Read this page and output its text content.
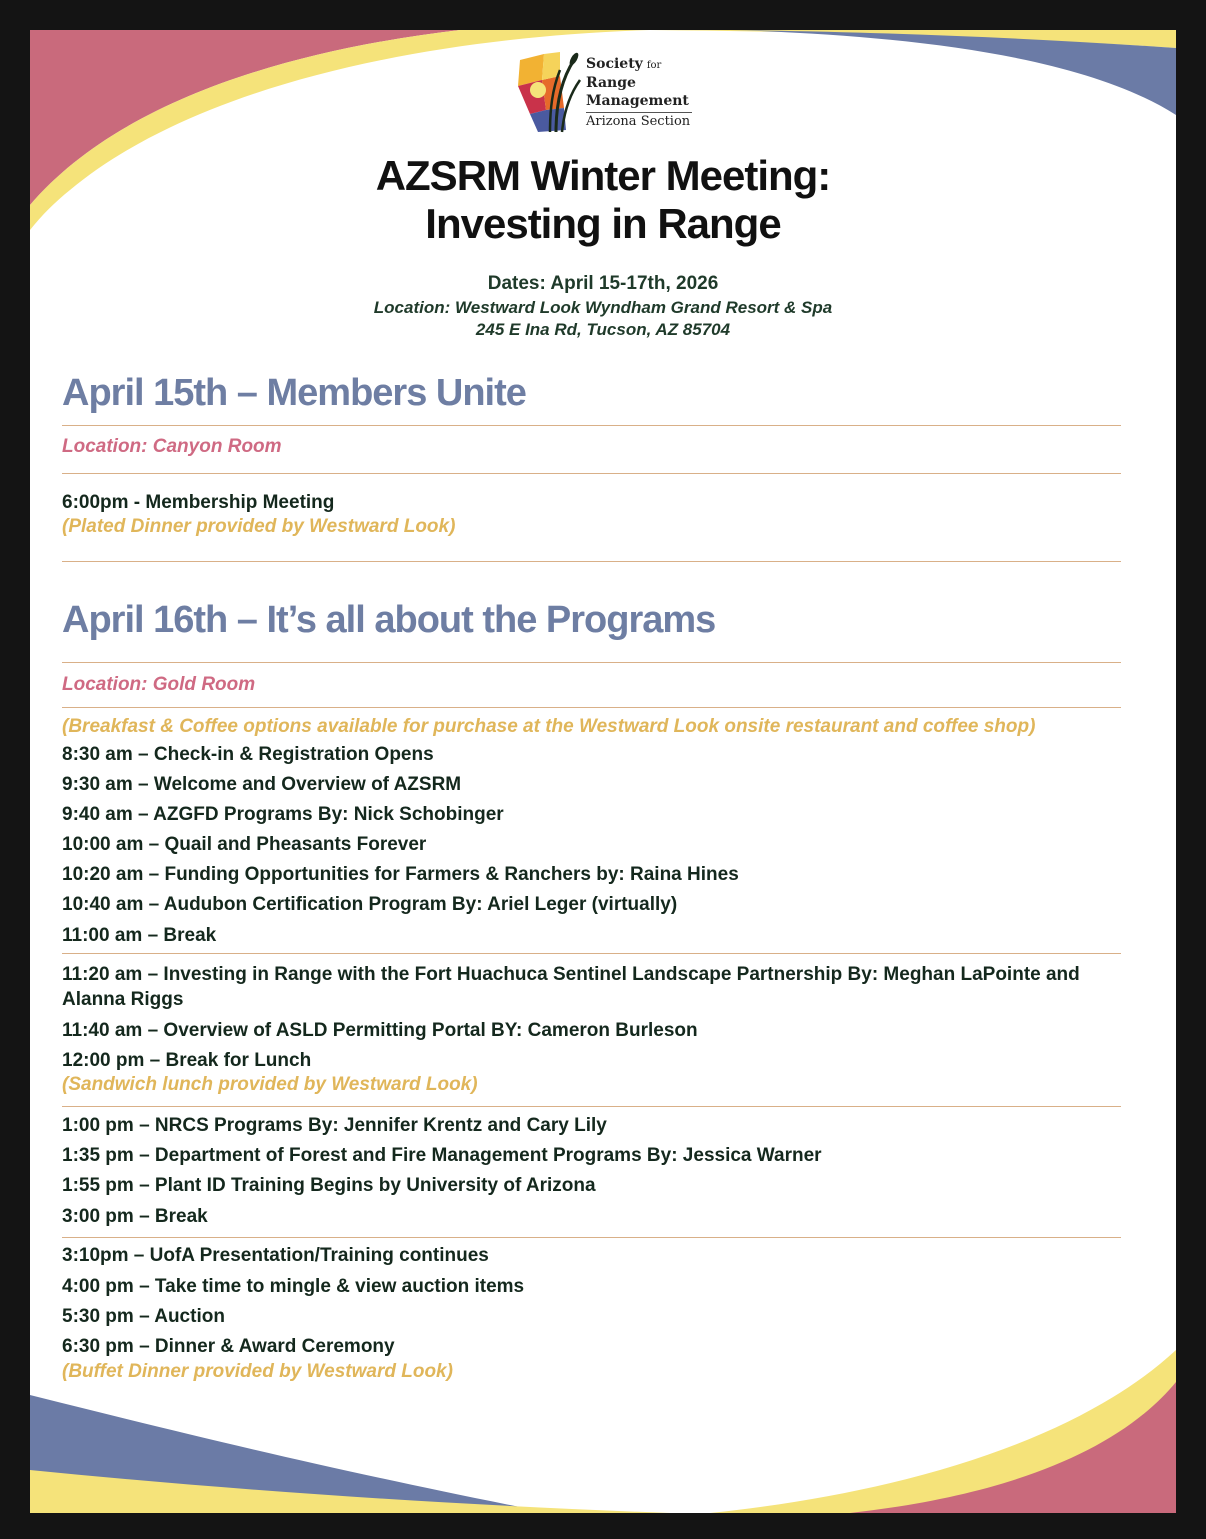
Society for
Range
Management
Arizona Section
AZSRM Winter Meeting:
Investing in Range
Dates: April 15-17th, 2026
Location: Westward Look Wyndham Grand Resort & Spa
245 E Ina Rd, Tucson, AZ 85704
April 15th – Members Unite
Location: Canyon Room
6:00pm - Membership Meeting
(Plated Dinner provided by Westward Look)
April 16th – It’s all about the Programs
Location: Gold Room
(Breakfast & Coffee options available for purchase at the Westward Look onsite restaurant and coffee shop)
8:30 am – Check-in & Registration Opens
9:30 am – Welcome and Overview of AZSRM
9:40 am – AZGFD Programs By: Nick Schobinger
10:00 am – Quail and Pheasants Forever
10:20 am – Funding Opportunities for Farmers & Ranchers by: Raina Hines
10:40 am – Audubon Certification Program By: Ariel Leger (virtually)
11:00 am – Break
11:20 am – Investing in Range with the Fort Huachuca Sentinel Landscape Partnership By: Meghan LaPointe and Alanna Riggs
11:40 am – Overview of ASLD Permitting Portal BY: Cameron Burleson
12:00 pm – Break for Lunch
(Sandwich lunch provided by Westward Look)
1:00 pm – NRCS Programs By: Jennifer Krentz and Cary Lily
1:35 pm – Department of Forest and Fire Management Programs By: Jessica Warner
1:55 pm – Plant ID Training Begins by University of Arizona
3:00 pm – Break
3:10pm – UofA Presentation/Training continues
4:00 pm – Take time to mingle & view auction items
5:30 pm – Auction
6:30 pm – Dinner & Award Ceremony
(Buffet Dinner provided by Westward Look)
